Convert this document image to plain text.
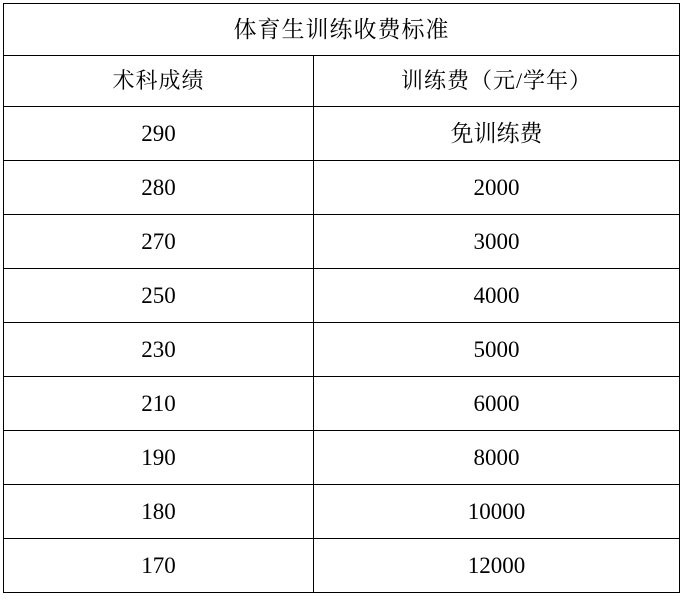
体育生训练收费标准	
术科成绩	训练费（元/学年）
290	免训练费
280	2000
270	3000
250	4000
230	5000
210	6000
190	8000
180	10000
170	12000
